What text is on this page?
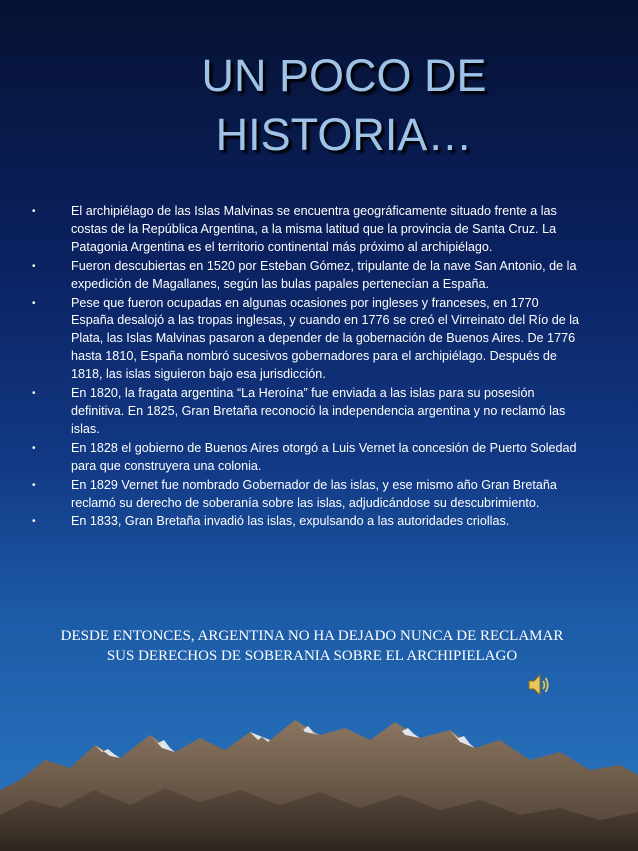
UN POCO DE
HISTORIA…
•	El archipiélago de las Islas Malvinas se encuentra geográficamente situado frente a las costas de la República Argentina, a la misma latitud que la provincia de Santa Cruz. La Patagonia Argentina es el territorio continental más próximo al archipiélago.
•	Fueron descubiertas en 1520 por Esteban Gómez, tripulante de la nave San Antonio, de la expedición de Magallanes, según las bulas papales pertenecían a España.
•	Pese que fueron ocupadas en algunas ocasiones por ingleses y franceses, en 1770 España desalojó a las tropas inglesas, y cuando en 1776 se creó el Virreinato del Río de la Plata, las Islas Malvinas pasaron a depender de la gobernación de Buenos Aires. De 1776 hasta 1810, España nombró sucesivos gobernadores para el archipiélago. Después de 1818, las islas siguieron bajo esa jurisdicción.
•	En 1820, la fragata argentina “La Heroína” fue enviada a las islas para su posesión definitiva. En 1825, Gran Bretaña reconoció la independencia argentina y no reclamó las islas.
•	En 1828 el gobierno de Buenos Aires otorgó a Luis Vernet la concesión de Puerto Soledad para que construyera una colonia.
•	En 1829 Vernet fue nombrado Gobernador de las islas, y ese mismo año Gran Bretaña reclamó su derecho de soberanía sobre las islas, adjudicándose su descubrimiento.
•	En 1833, Gran Bretaña invadió las islas, expulsando a las autoridades criollas.
DESDE ENTONCES, ARGENTINA NO HA DEJADO NUNCA DE RECLAMAR SUS DERECHOS DE SOBERANIA SOBRE EL ARCHIPIELAGO
